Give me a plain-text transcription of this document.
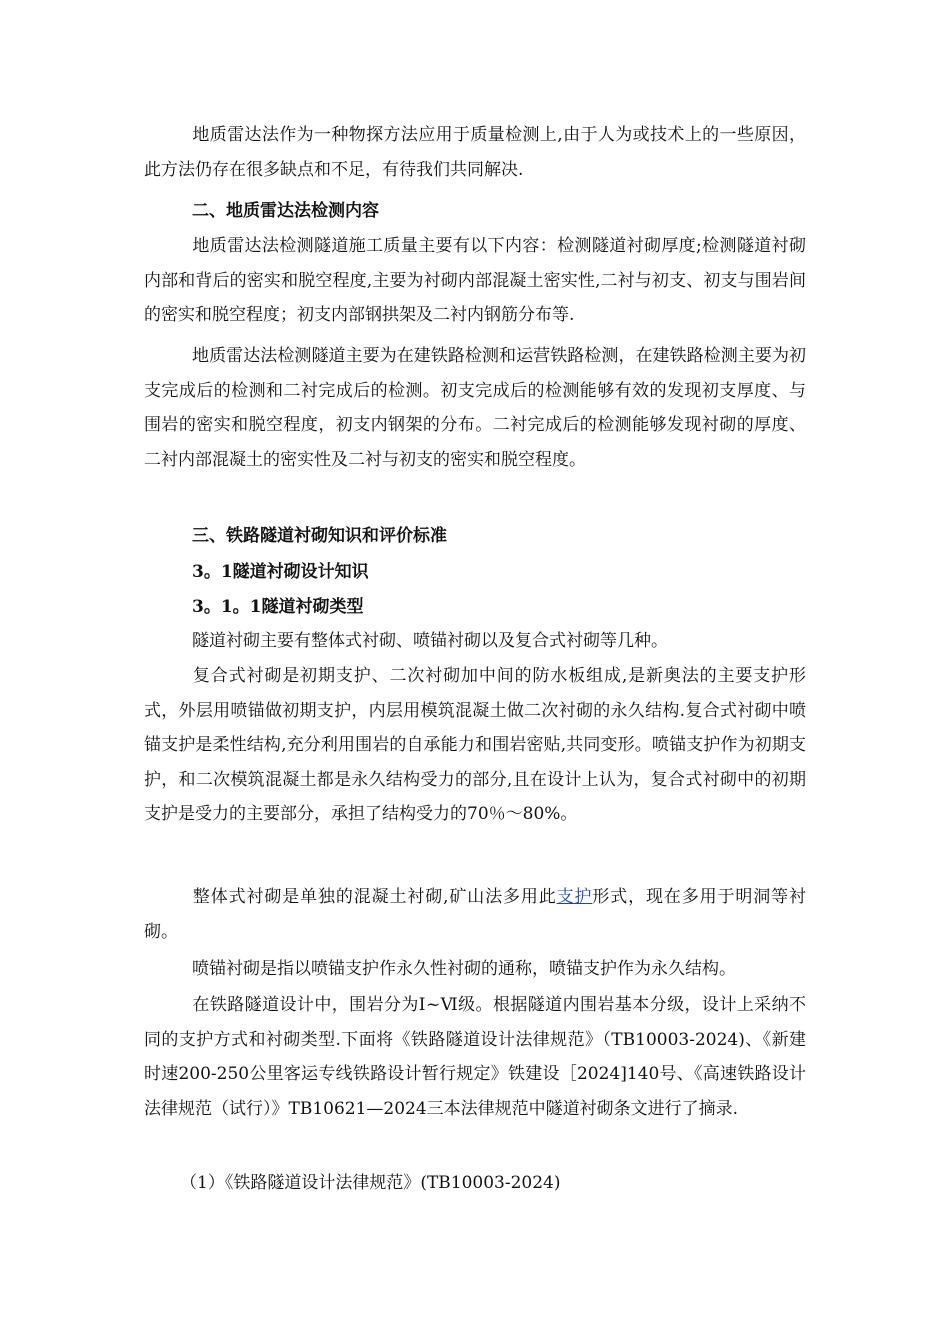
地质雷达法作为一种物探方法应用于质量检测上,由于人为或技术上的一些原因，此方法仍存在很多缺点和不足，有待我们共同解决.

二、地质雷达法检测内容

地质雷达法检测隧道施工质量主要有以下内容：检测隧道衬砌厚度;检测隧道衬砌内部和背后的密实和脱空程度,主要为衬砌内部混凝土密实性,二衬与初支、初支与围岩间的密实和脱空程度；初支内部钢拱架及二衬内钢筋分布等.

地质雷达法检测隧道主要为在建铁路检测和运营铁路检测，在建铁路检测主要为初支完成后的检测和二衬完成后的检测。初支完成后的检测能够有效的发现初支厚度、与围岩的密实和脱空程度，初支内钢架的分布。二衬完成后的检测能够发现衬砌的厚度、二衬内部混凝土的密实性及二衬与初支的密实和脱空程度。

三、铁路隧道衬砌知识和评价标准

3。1隧道衬砌设计知识

3。1。1隧道衬砌类型

隧道衬砌主要有整体式衬砌、喷锚衬砌以及复合式衬砌等几种。

复合式衬砌是初期支护、二次衬砌加中间的防水板组成,是新奥法的主要支护形式，外层用喷锚做初期支护，内层用模筑混凝土做二次衬砌的永久结构.复合式衬砌中喷锚支护是柔性结构,充分利用围岩的自承能力和围岩密贴,共同变形。喷锚支护作为初期支护，和二次模筑混凝土都是永久结构受力的部分,且在设计上认为，复合式衬砌中的初期支护是受力的主要部分，承担了结构受力的70％～80%。

整体式衬砌是单独的混凝土衬砌,矿山法多用此支护形式，现在多用于明洞等衬砌。

喷锚衬砌是指以喷锚支护作永久性衬砌的通称，喷锚支护作为永久结构。

在铁路隧道设计中，围岩分为Ⅰ~Ⅵ级。根据隧道内围岩基本分级，设计上采纳不同的支护方式和衬砌类型.下面将《铁路隧道设计法律规范》（TB10003-2024)、《新建时速200-250公里客运专线铁路设计暂行规定》铁建设［2024]140号、《高速铁路设计法律规范（试行）》TB10621—2024三本法律规范中隧道衬砌条文进行了摘录.

（1）《铁路隧道设计法律规范》(TB10003-2024)
